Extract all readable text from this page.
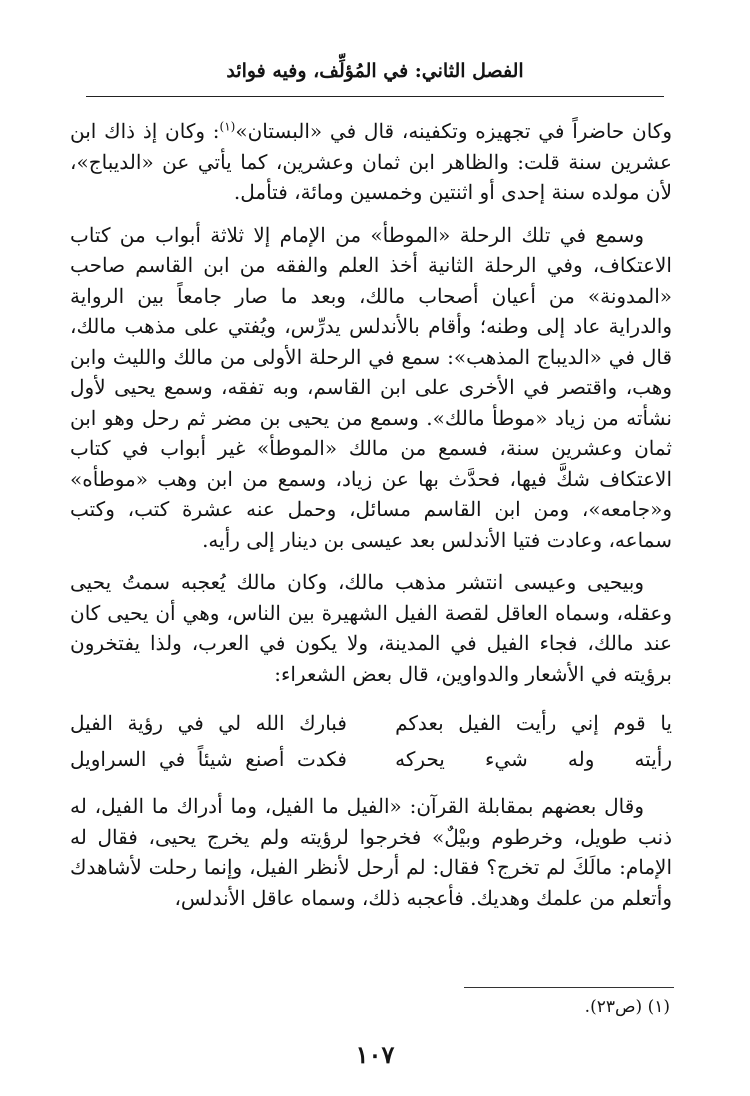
الفصل الثاني: في المُؤلِّف، وفيه فوائد

وكان حاضراً في تجهيزه وتكفينه، قال في «البستان»$^{(١)}$: وكان إذ ذاك ابن عشرين سنة قلت: والظاهر ابن ثمان وعشرين، كما يأتي عن «الديباج»، لأن مولده سنة إحدى أو اثنتين وخمسين ومائة، فتأمل.

وسمع في تلك الرحلة «الموطأ» من الإمام إلا ثلاثة أبواب من كتاب الاعتكاف، وفي الرحلة الثانية أخذ العلم والفقه من ابن القاسم صاحب «المدونة» من أعيان أصحاب مالك، وبعد ما صار جامعاً بين الرواية والدراية عاد إلى وطنه؛ وأقام بالأندلس يدرِّس، ويُفتي على مذهب مالك، قال في «الديباج المذهب»: سمع في الرحلة الأولى من مالك والليث وابن وهب، واقتصر في الأخرى على ابن القاسم، وبه تفقه، وسمع يحيى لأول نشأته من زياد «موطأ مالك». وسمع من يحيى بن مضر ثم رحل وهو ابن ثمان وعشرين سنة، فسمع من مالك «الموطأ» غير أبواب في كتاب الاعتكاف شكَّ فيها، فحدَّث بها عن زياد، وسمع من ابن وهب «موطأه» و«جامعه»، ومن ابن القاسم مسائل، وحمل عنه عشرة كتب، وكتب سماعه، وعادت فتيا الأندلس بعد عيسى بن دينار إلى رأيه.

وبيحيى وعيسى انتشر مذهب مالك، وكان مالك يُعجبه سمتُ يحيى وعقله، وسماه العاقل لقصة الفيل الشهيرة بين الناس، وهي أن يحيى كان عند مالك، فجاء الفيل في المدينة، ولا يكون في العرب، ولذا يفتخرون برؤيته في الأشعار والدواوين، قال بعض الشعراء:

يا قوم إني رأيت الفيل بعدكم
فبارك الله لي في رؤية الفيل
رأيته وله شيء يحركه
فكدت أصنع شيئاً في السراويل

وقال بعضهم بمقابلة القرآن: «الفيل ما الفيل، وما أدراك ما الفيل، له ذنب طويل، وخرطوم وبيْلٌ» فخرجوا لرؤيته ولم يخرج يحيى، فقال له الإمام: مالَكَ لم تخرج؟ فقال: لم أرحل لأنظر الفيل، وإنما رحلت لأشاهدك وأتعلم من علمك وهديك. فأعجبه ذلك، وسماه عاقل الأندلس،

(١) (ص٢٣).
١٠٧
